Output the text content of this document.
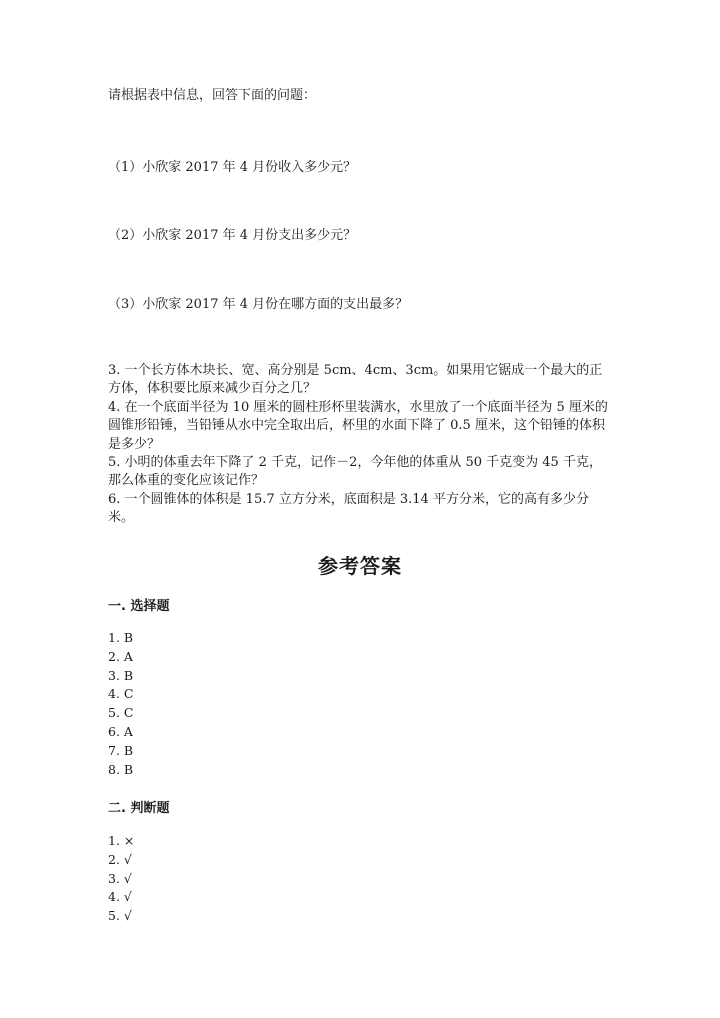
请根据表中信息，回答下面的问题：
（1）小欣家 2017 年 4 月份收入多少元？
（2）小欣家 2017 年 4 月份支出多少元？
（3）小欣家 2017 年 4 月份在哪方面的支出最多？

3. 一个长方体木块长、宽、高分别是 5cm、4cm、3cm。如果用它锯成一个最大的正方体，体积要比原来减少百分之几？

4. 在一个底面半径为 10 厘米的圆柱形杯里装满水，水里放了一个底面半径为 5 厘米的圆锥形铅锤，当铅锤从水中完全取出后，杯里的水面下降了 0.5 厘米，这个铅锤的体积是多少？

5. 小明的体重去年下降了 2 千克，记作－2，今年他的体重从 50 千克变为 45 千克，那么体重的变化应该记作？

6. 一个圆锥体的体积是 15.7 立方分米，底面积是 3.14 平方分米，它的高有多少分米。

参考答案
一. 选择题
1. B
2. A
3. B
4. C
5. C
6. A
7. B
8. B
二. 判断题
1. ×
2. √
3. √
4. √
5. √
